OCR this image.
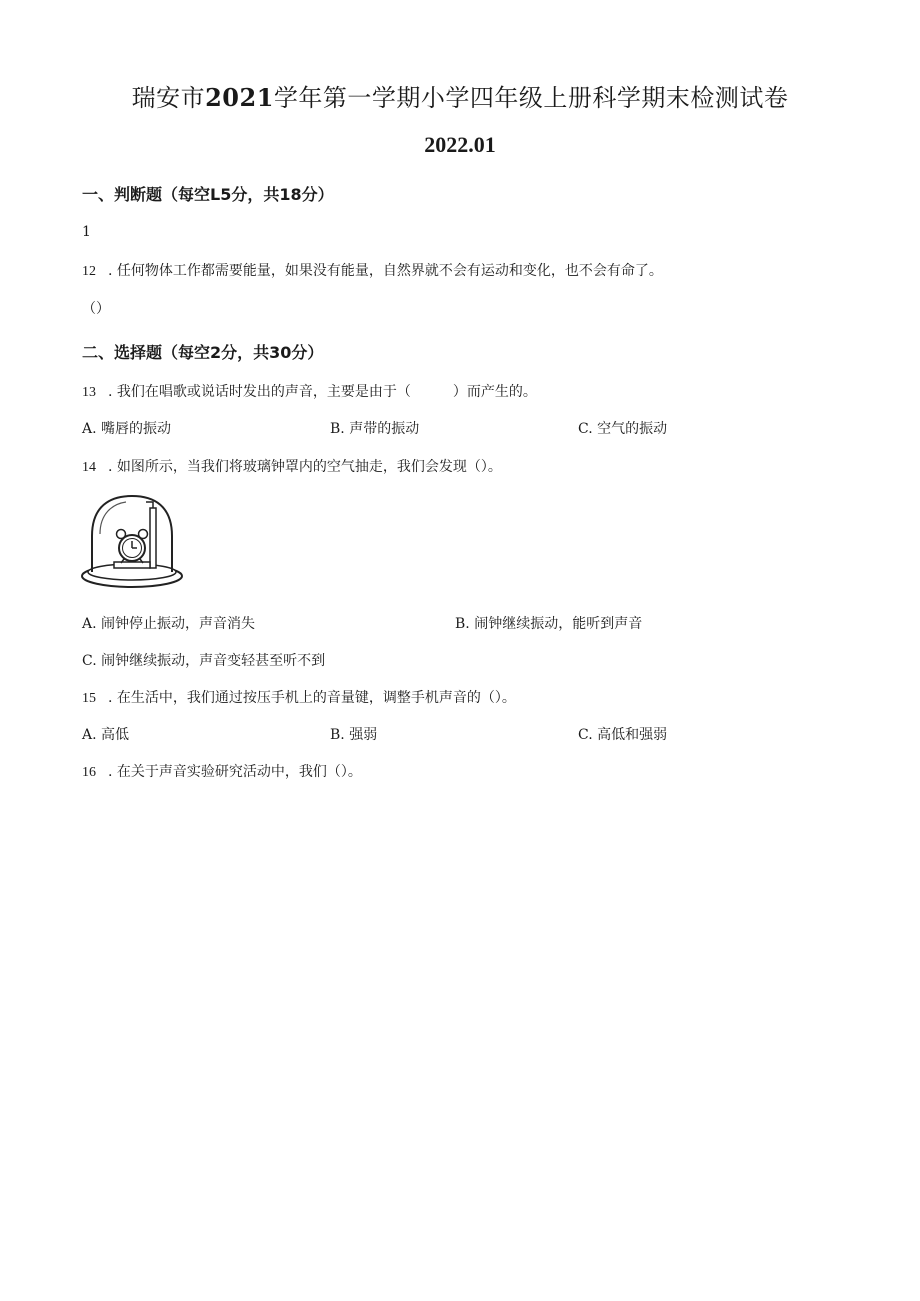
瑞安市2021学年第一学期小学四年级上册科学期末检测试卷
2022.01
一、判断题（每空L5分，共18分）
1
12 . 任何物体工作都需要能量，如果没有能量，自然界就不会有运动和变化，也不会有命了。
（）
二、选择题（每空2分，共30分）
13 . 我们在唱歌或说话时发出的声音，主要是由于（　　　）而产生的。
A. 嘴唇的振动	B. 声带的振动	C. 空气的振动
14 . 如图所示，当我们将玻璃钟罩内的空气抽走，我们会发现（）。
A. 闹钟停止振动，声音消失	B. 闹钟继续振动，能听到声音
C. 闹钟继续振动，声音变轻甚至听不到
15 . 在生活中，我们通过按压手机上的音量键，调整手机声音的（）。
A. 高低	B. 强弱	C. 高低和强弱
16 . 在关于声音实验研究活动中，我们（）。
